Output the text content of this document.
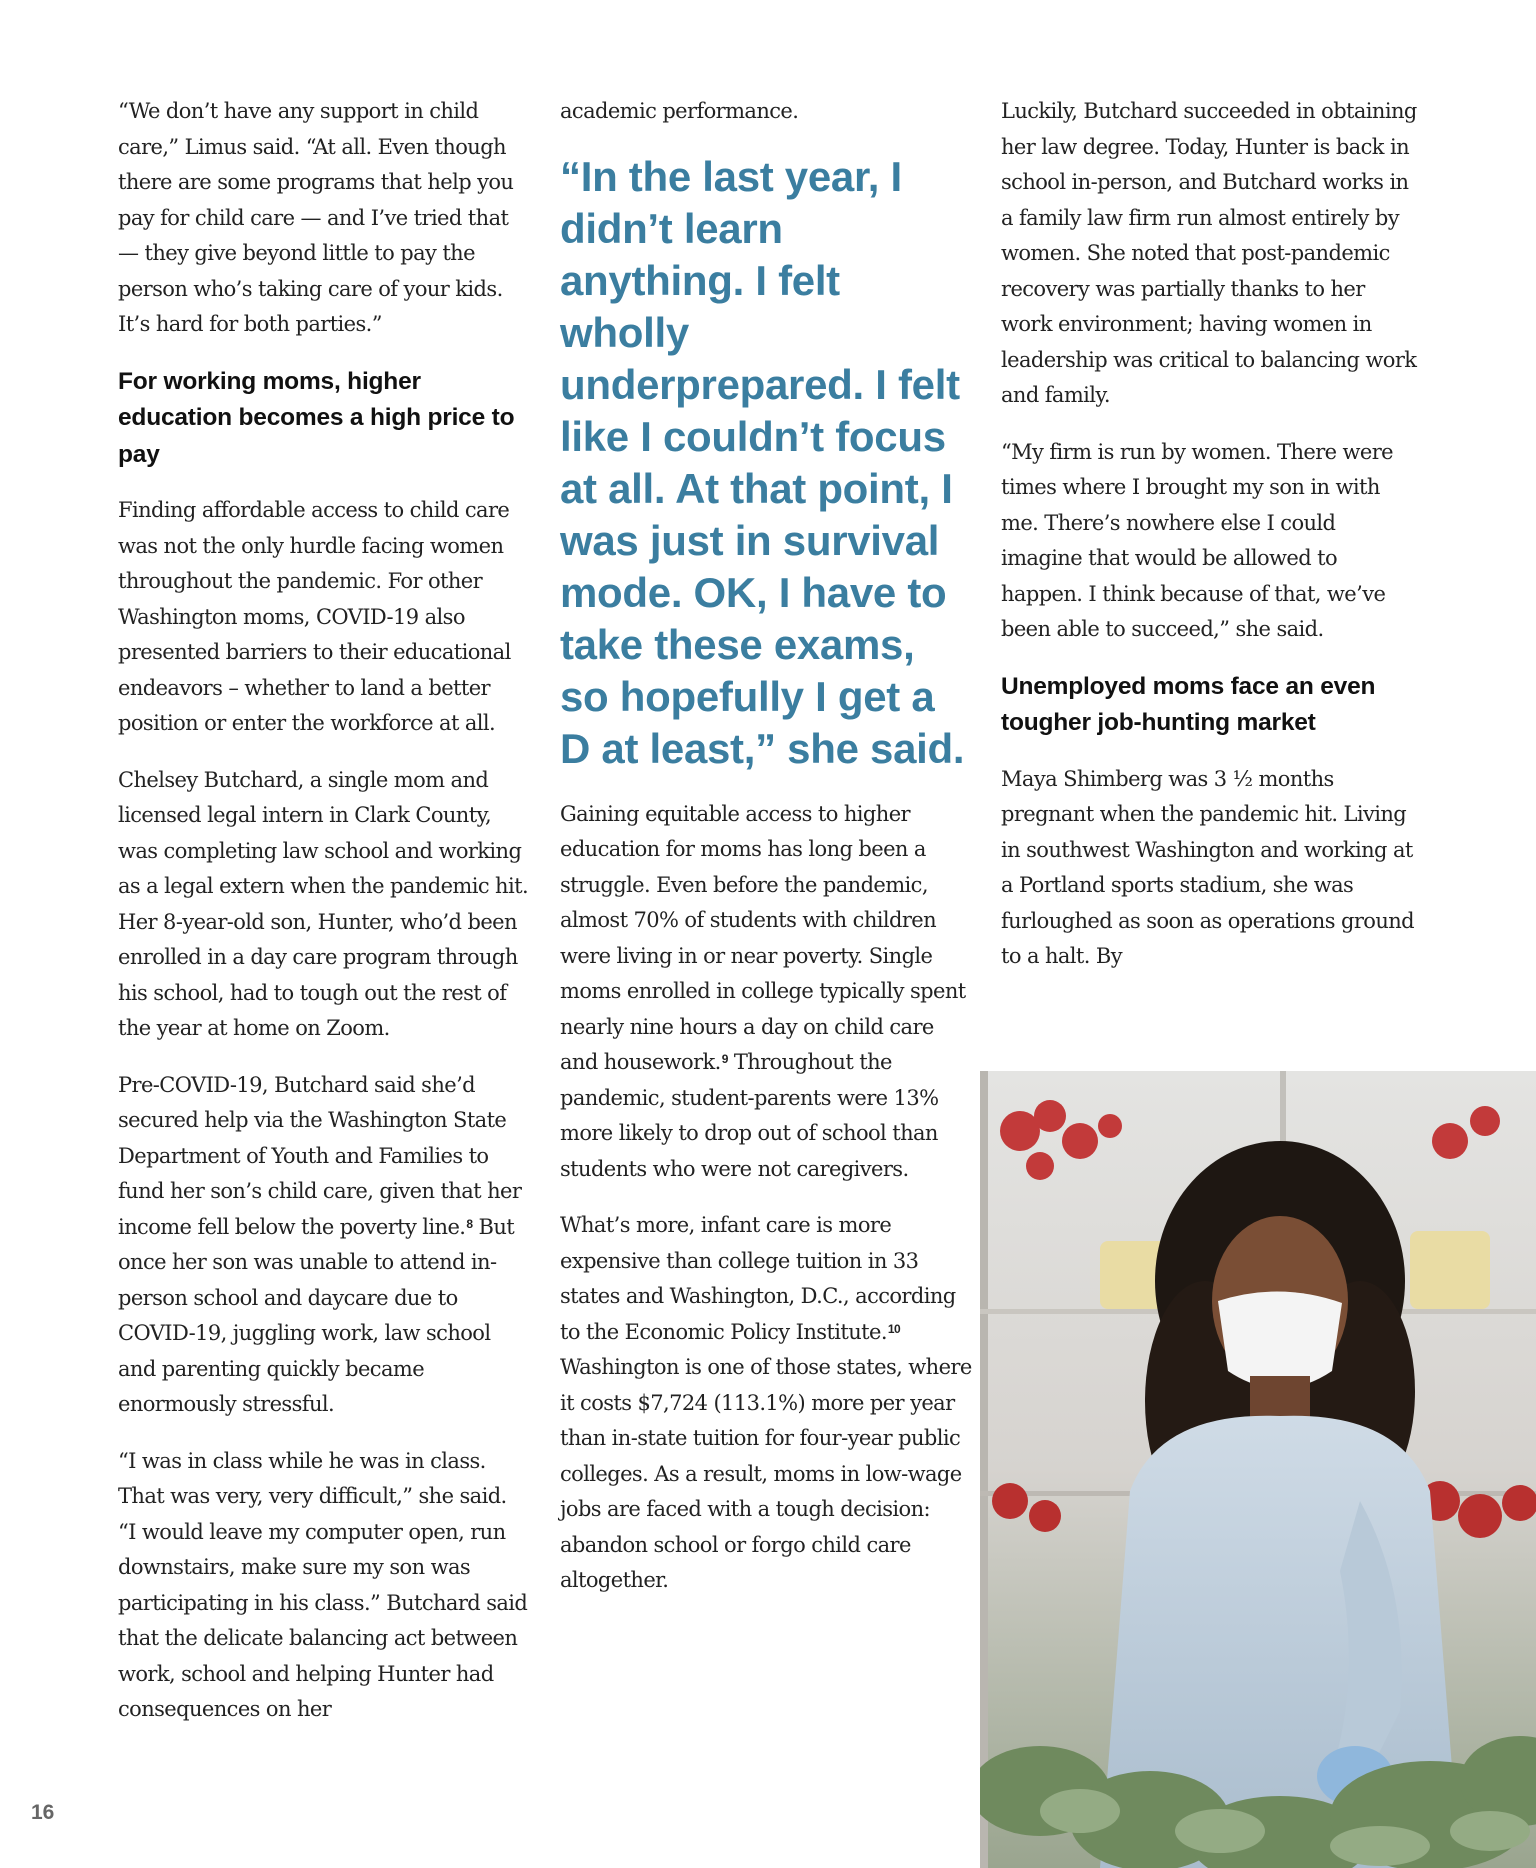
“We don’t have any support in child care,” Limus said. “At all. Even though there are some programs that help you pay for child care — and I’ve tried that — they give beyond little to pay the person who’s taking care of your kids. It’s hard for both parties.”

For working moms, higher education becomes a high price to pay

Finding affordable access to child care was not the only hurdle facing women throughout the pandemic. For other Washington moms, COVID-19 also presented barriers to their educational endeavors – whether to land a better position or enter the workforce at all.

Chelsey Butchard, a single mom and licensed legal intern in Clark County, was completing law school and working as a legal extern when the pandemic hit. Her 8-year-old son, Hunter, who’d been enrolled in a day care program through his school, had to tough out the rest of the year at home on Zoom.

Pre-COVID-19, Butchard said she’d secured help via the Washington State Department of Youth and Families to fund her son’s child care, given that her income fell below the poverty line.$^8$ But once her son was unable to attend in-person school and daycare due to COVID-19, juggling work, law school and parenting quickly became enormously stressful.

“I was in class while he was in class. That was very, very difficult,” she said. “I would leave my computer open, run downstairs, make sure my son was participating in his class.” Butchard said that the delicate balancing act between work, school and helping Hunter had consequences on her

academic performance.

“In the last year, I didn’t learn anything. I felt wholly underprepared. I felt like I couldn’t focus at all. At that point, I was just in survival mode. OK, I have to take these exams, so hopefully I get a D at least,” she said.

Gaining equitable access to higher education for moms has long been a struggle. Even before the pandemic, almost 70% of students with children were living in or near poverty. Single moms enrolled in college typically spent nearly nine hours a day on child care and housework.$^9$ Throughout the pandemic, student-parents were 13% more likely to drop out of school than students who were not caregivers.

What’s more, infant care is more expensive than college tuition in 33 states and Washington, D.C., according to the Economic Policy Institute.$^{10}$ Washington is one of those states, where it costs $7,724 (113.1%) more per year than in-state tuition for four-year public colleges. As a result, moms in low-wage jobs are faced with a tough decision: abandon school or forgo child care altogether.

Luckily, Butchard succeeded in obtaining her law degree. Today, Hunter is back in school in-person, and Butchard works in a family law firm run almost entirely by women. She noted that post-pandemic recovery was partially thanks to her work environment; having women in leadership was critical to balancing work and family.

“My firm is run by women. There were times where I brought my son in with me. There’s nowhere else I could imagine that would be allowed to happen. I think because of that, we’ve been able to succeed,” she said.

Unemployed moms face an even tougher job-hunting market

Maya Shimberg was 3 ½ months pregnant when the pandemic hit. Living in southwest Washington and working at a Portland sports stadium, she was furloughed as soon as operations ground to a halt. By

16
